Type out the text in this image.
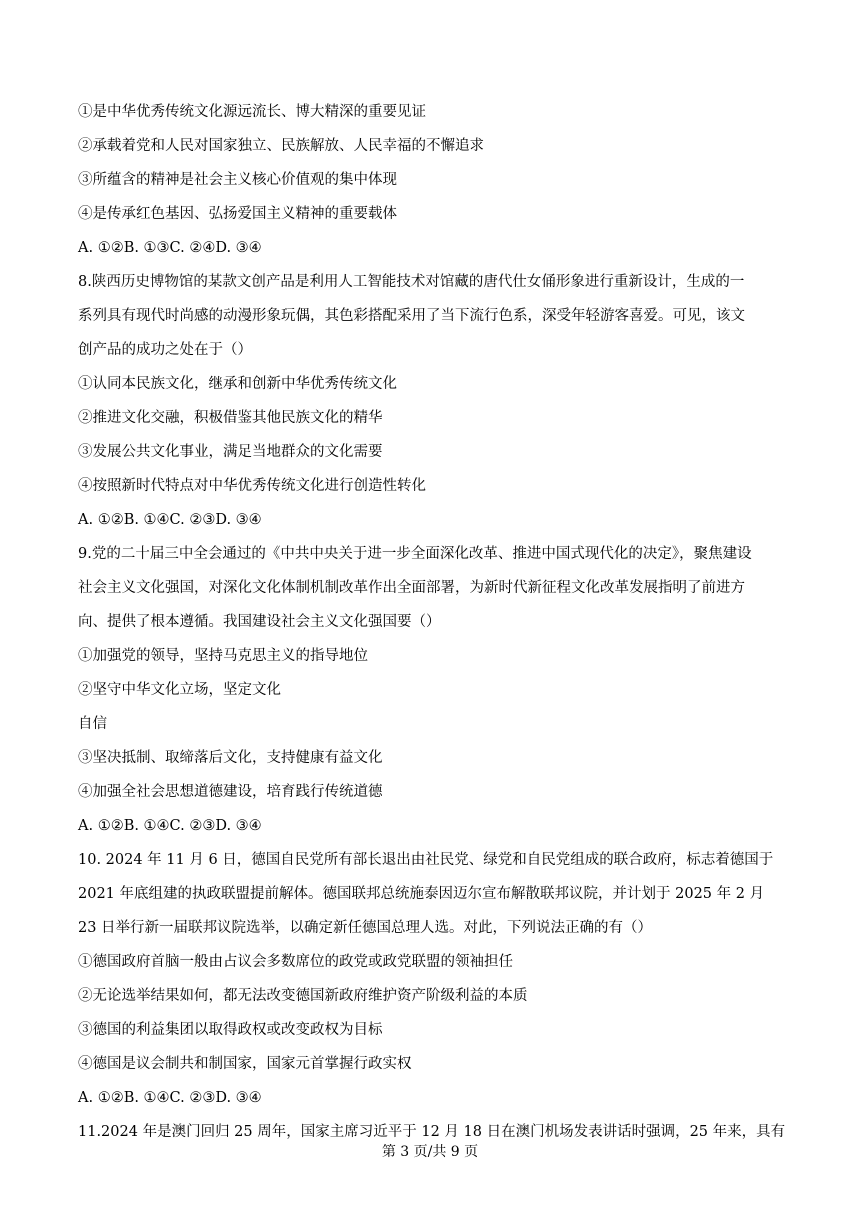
①是中华优秀传统文化源远流长、博大精深的重要见证

②承载着党和人民对国家独立、民族解放、人民幸福的不懈追求

③所蕴含的精神是社会主义核心价值观的集中体现

④是传承红色基因、弘扬爱国主义精神的重要载体

A. ①②B. ①③C. ②④D. ③④

8.陕西历史博物馆的某款文创产品是利用人工智能技术对馆藏的唐代仕女俑形象进行重新设计，生成的一

系列具有现代时尚感的动漫形象玩偶，其色彩搭配采用了当下流行色系，深受年轻游客喜爱。可见，该文

创产品的成功之处在于（）

①认同本民族文化，继承和创新中华优秀传统文化

②推进文化交融，积极借鉴其他民族文化的精华

③发展公共文化事业，满足当地群众的文化需要

④按照新时代特点对中华优秀传统文化进行创造性转化

A. ①②B. ①④C. ②③D. ③④

9.党的二十届三中全会通过的《中共中央关于进一步全面深化改革、推进中国式现代化的决定》，聚焦建设

社会主义文化强国，对深化文化体制机制改革作出全面部署，为新时代新征程文化改革发展指明了前进方

向、提供了根本遵循。我国建设社会主义文化强国要（）

①加强党的领导，坚持马克思主义的指导地位

②坚守中华文化立场，坚定文化

自信

③坚决抵制、取缔落后文化，支持健康有益文化

④加强全社会思想道德建设，培育践行传统道德

A. ①②B. ①④C. ②③D. ③④

10. 2024 年 11 月 6 日，德国自民党所有部长退出由社民党、绿党和自民党组成的联合政府，标志着德国于

2021 年底组建的执政联盟提前解体。德国联邦总统施泰因迈尔宣布解散联邦议院，并计划于 2025 年 2 月

23 日举行新一届联邦议院选举，以确定新任德国总理人选。对此，下列说法正确的有（）

①德国政府首脑一般由占议会多数席位的政党或政党联盟的领袖担任

②无论选举结果如何，都无法改变德国新政府维护资产阶级利益的本质

③德国的利益集团以取得政权或改变政权为目标

④德国是议会制共和制国家，国家元首掌握行政实权

A. ①②B. ①④C. ②③D. ③④

11.2024 年是澳门回归 25 周年，国家主席习近平于 12 月 18 日在澳门机场发表讲话时强调，25 年来，具有

第 3 页/共 9 页
